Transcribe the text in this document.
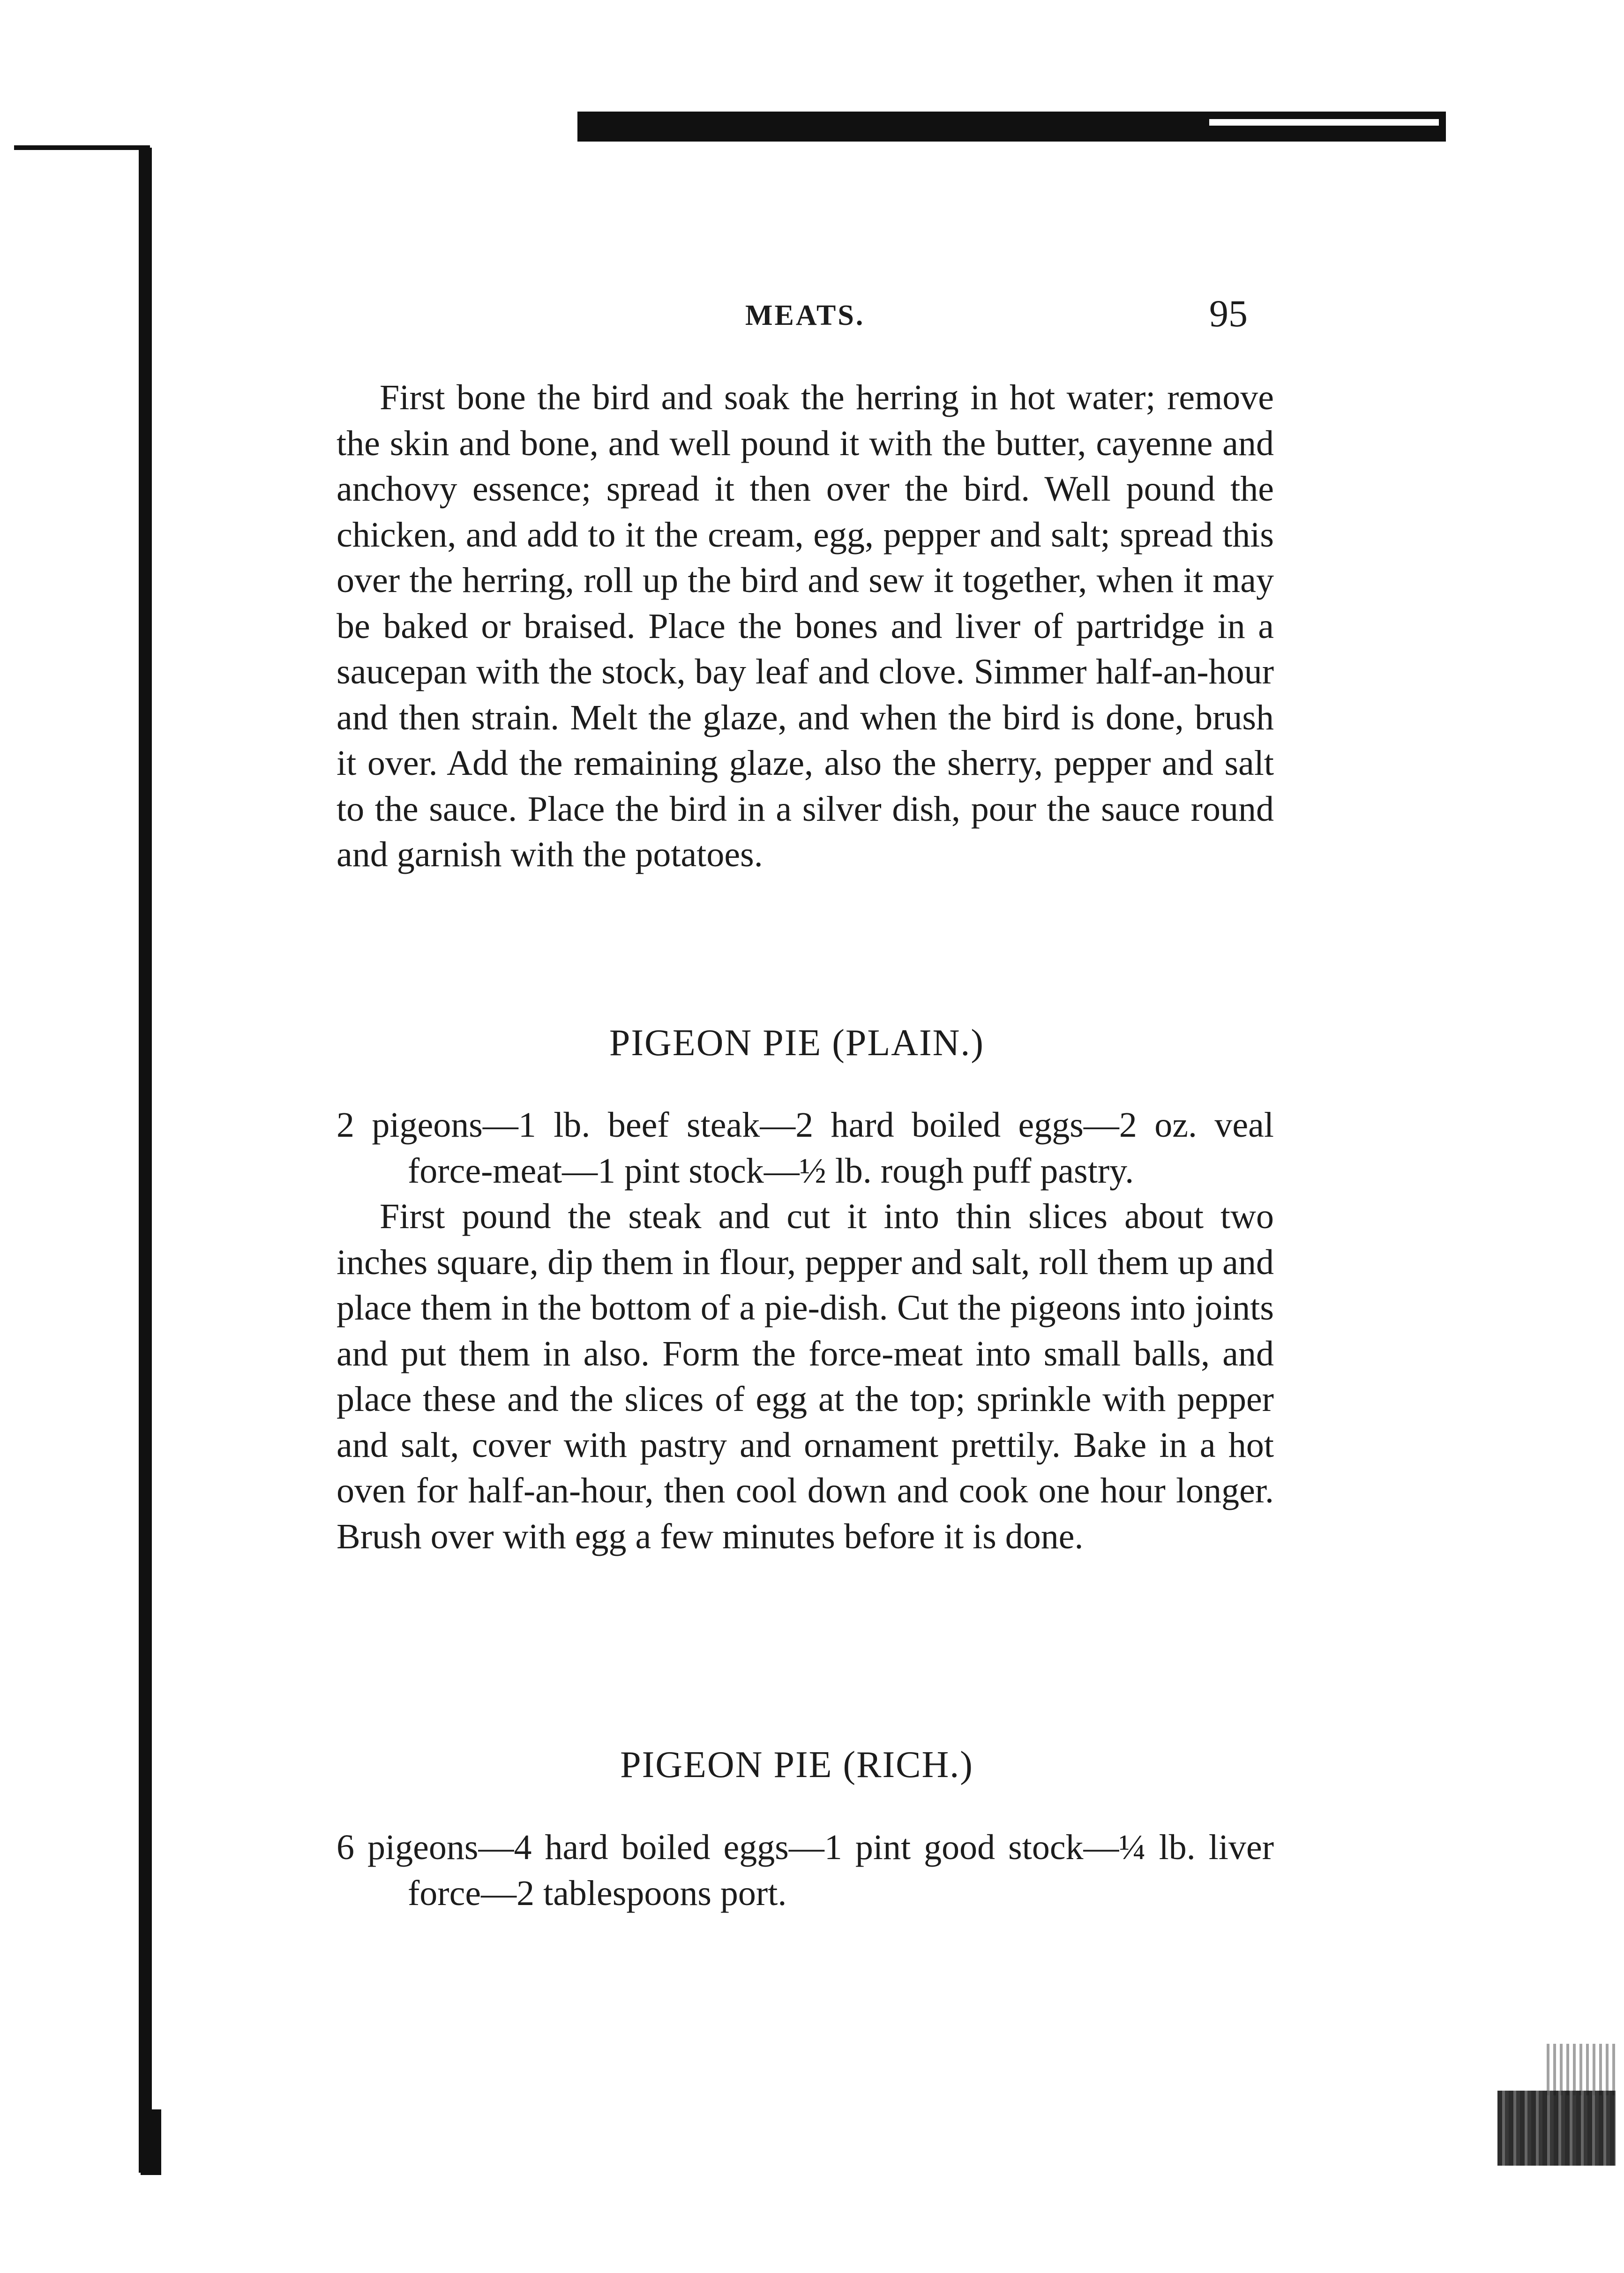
MEATS.	95

First bone the bird and soak the herring in hot water; remove the skin and bone, and well pound it with the butter, cayenne and anchovy essence; spread it then over the bird. Well pound the chicken, and add to it the cream, egg, pepper and salt; spread this over the herring, roll up the bird and sew it together, when it may be baked or braised. Place the bones and liver of partridge in a saucepan with the stock, bay leaf and clove. Simmer half-an-hour and then strain. Melt the glaze, and when the bird is done, brush it over. Add the remaining glaze, also the sherry, pepper and salt to the sauce. Place the bird in a silver dish, pour the sauce round and garnish with the potatoes.

PIGEON PIE (PLAIN.)

2 pigeons—1 lb. beef steak—2 hard boiled eggs—2 oz. veal force-meat—1 pint stock—½ lb. rough puff pastry.

First pound the steak and cut it into thin slices about two inches square, dip them in flour, pepper and salt, roll them up and place them in the bottom of a pie-dish. Cut the pigeons into joints and put them in also. Form the force-meat into small balls, and place these and the slices of egg at the top; sprinkle with pepper and salt, cover with pastry and ornament prettily. Bake in a hot oven for half-an-hour, then cool down and cook one hour longer. Brush over with egg a few minutes before it is done.

PIGEON PIE (RICH.)

6 pigeons—4 hard boiled eggs—1 pint good stock—¼ lb. liver force—2 tablespoons port.
